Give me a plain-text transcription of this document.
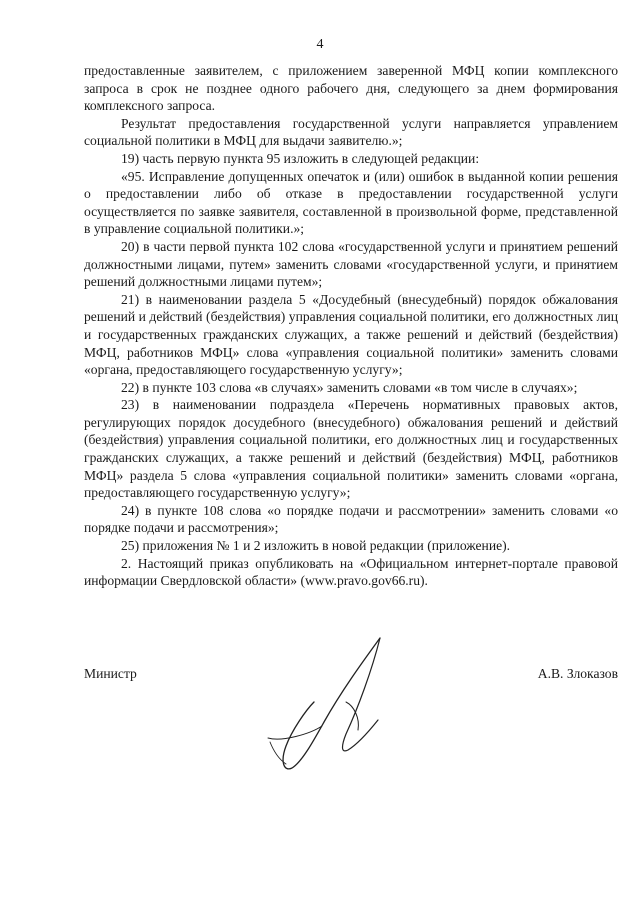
4

предоставленные заявителем, с приложением заверенной МФЦ копии комплексного запроса в срок не позднее одного рабочего дня, следующего за днем формирования комплексного запроса.

Результат предоставления государственной услуги направляется управлением социальной политики в МФЦ для выдачи заявителю.»;

19) часть первую пункта 95 изложить в следующей редакции:

«95. Исправление допущенных опечаток и (или) ошибок в выданной копии решения о предоставлении либо об отказе в предоставлении государственной услуги осуществляется по заявке заявителя, составленной в произвольной форме, представленной в управление социальной политики.»;

20) в части первой пункта 102 слова «государственной услуги и принятием решений должностными лицами, путем» заменить словами «государственной услуги, и принятием решений должностными лицами путем»;

21) в наименовании раздела 5 «Досудебный (внесудебный) порядок обжалования решений и действий (бездействия) управления социальной политики, его должностных лиц и государственных гражданских служащих, а также решений и действий (бездействия) МФЦ, работников МФЦ» слова «управления социальной политики» заменить словами «органа, предоставляющего государственную услугу»;

22) в пункте 103 слова «в случаях» заменить словами «в том числе в случаях»;

23) в наименовании подраздела «Перечень нормативных правовых актов, регулирующих порядок досудебного (внесудебного) обжалования решений и действий (бездействия) управления социальной политики, его должностных лиц и государственных гражданских служащих, а также решений и действий (бездействия) МФЦ, работников МФЦ» раздела 5 слова «управления социальной политики» заменить словами «органа, предоставляющего государственную услугу»;

24) в пункте 108 слова «о порядке подачи и рассмотрении» заменить словами «о порядке подачи и рассмотрения»;

25) приложения № 1 и 2 изложить в новой редакции (приложение).

2. Настоящий приказ опубликовать на «Официальном интернет-портале правовой информации Свердловской области» (www.pravo.gov66.ru).

Министр	А.В. Злоказов
